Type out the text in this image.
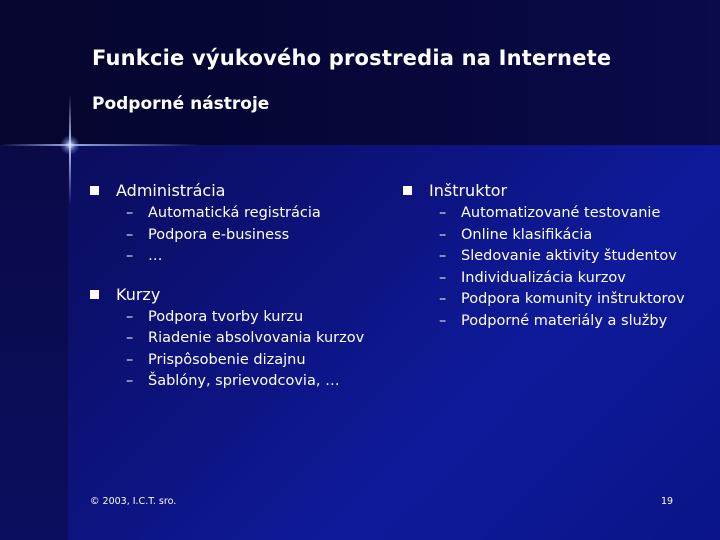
Funkcie výukového prostredia na Internete
Podporné nástroje
Administrácia
– Automatická registrácia
– Podpora e-business
– …
Kurzy
– Podpora tvorby kurzu
– Riadenie absolvovania kurzov
– Prispôsobenie dizajnu
– Šablóny, sprievodcovia, …
Inštruktor
– Automatizované testovanie
– Online klasifikácia
– Sledovanie aktivity študentov
– Individualizácia kurzov
– Podpora komunity inštruktorov
– Podporné materiály a služby
© 2003, I.C.T. sro.	19
